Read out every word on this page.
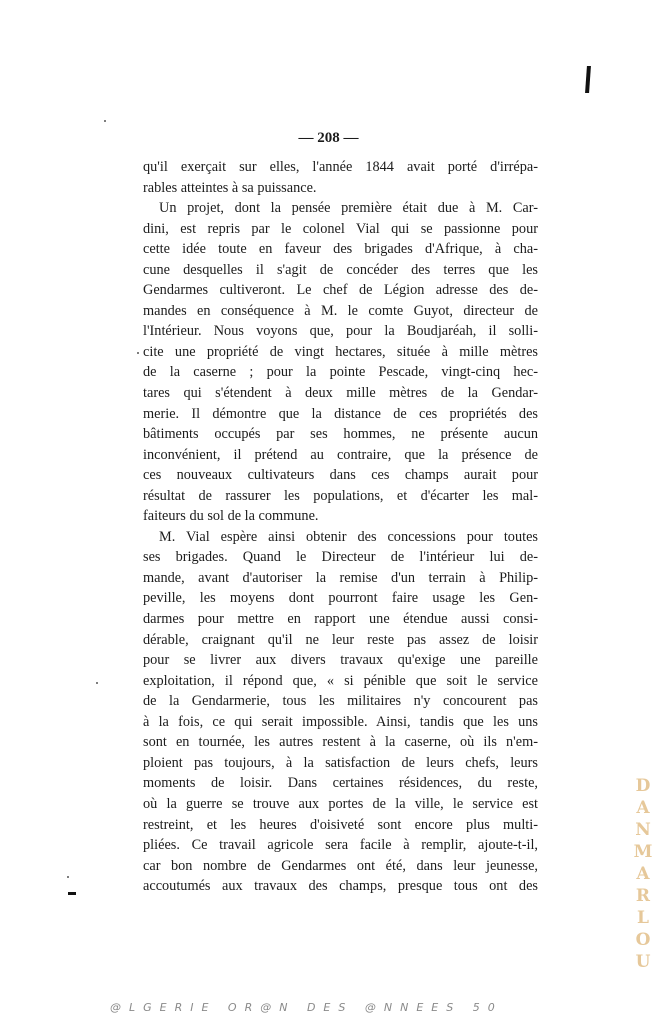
— 208 —
qu'il exerçait sur elles, l'année 1844 avait porté d'irrépa-
rables atteintes à sa puissance.
Un projet, dont la pensée première était due à M. Car-
dini, est repris par le colonel Vial qui se passionne pour
cette idée toute en faveur des brigades d'Afrique, à cha-
cune desquelles il s'agit de concéder des terres que les
Gendarmes cultiveront. Le chef de Légion adresse des de-
mandes en conséquence à M. le comte Guyot, directeur de
l'Intérieur. Nous voyons que, pour la Boudjaréah, il solli-
cite une propriété de vingt hectares, située à mille mètres
de la caserne ; pour la pointe Pescade, vingt-cinq hec-
tares qui s'étendent à deux mille mètres de la Gendar-
merie. Il démontre que la distance de ces propriétés des
bâtiments occupés par ses hommes, ne présente aucun
inconvénient, il prétend au contraire, que la présence de
ces nouveaux cultivateurs dans ces champs aurait pour
résultat de rassurer les populations, et d'écarter les mal-
faiteurs du sol de la commune.
M. Vial espère ainsi obtenir des concessions pour toutes
ses brigades. Quand le Directeur de l'intérieur lui de-
mande, avant d'autoriser la remise d'un terrain à Philip-
peville, les moyens dont pourront faire usage les Gen-
darmes pour mettre en rapport une étendue aussi consi-
dérable, craignant qu'il ne leur reste pas assez de loisir
pour se livrer aux divers travaux qu'exige une pareille
exploitation, il répond que, « si pénible que soit le service
de la Gendarmerie, tous les militaires n'y concourent pas
à la fois, ce qui serait impossible. Ainsi, tandis que les uns
sont en tournée, les autres restent à la caserne, où ils n'em-
ploient pas toujours, à la satisfaction de leurs chefs, leurs
moments de loisir. Dans certaines résidences, du reste,
où la guerre se trouve aux portes de la ville, le service est
restreint, et les heures d'oisiveté sont encore plus multi-
pliées. Ce travail agricole sera facile à remplir, ajoute-t-il,
car bon nombre de Gendarmes ont été, dans leur jeunesse,
accoutumés aux travaux des champs, presque tous ont des
D
A
N
M
A
R
L
O
U
@LGERIE OR@N DES @NNEES 50
